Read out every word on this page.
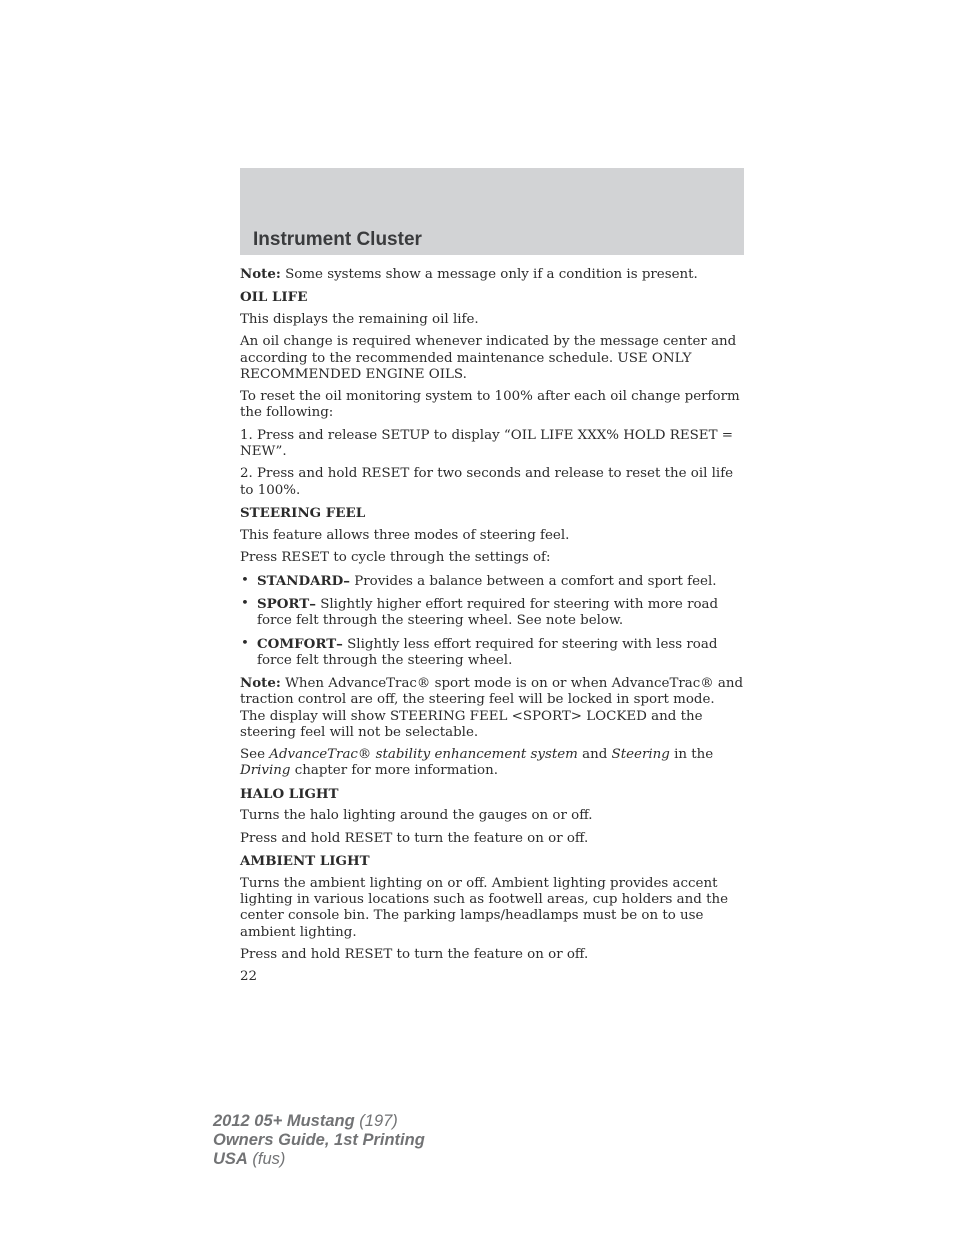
Instrument Cluster

Note: Some systems show a message only if a condition is present.

OIL LIFE

This displays the remaining oil life.

An oil change is required whenever indicated by the message center and according to the recommended maintenance schedule. USE ONLY RECOMMENDED ENGINE OILS.

To reset the oil monitoring system to 100% after each oil change perform the following:

1. Press and release SETUP to display “OIL LIFE XXX% HOLD RESET = NEW”.

2. Press and hold RESET for two seconds and release to reset the oil life to 100%.

STEERING FEEL

This feature allows three modes of steering feel.

Press RESET to cycle through the settings of:

• STANDARD– Provides a balance between a comfort and sport feel.
• SPORT– Slightly higher effort required for steering with more road force felt through the steering wheel. See note below.
• COMFORT– Slightly less effort required for steering with less road force felt through the steering wheel.

Note: When AdvanceTrac® sport mode is on or when AdvanceTrac® and traction control are off, the steering feel will be locked in sport mode. The display will show STEERING FEEL <SPORT> LOCKED and the steering feel will not be selectable.

See AdvanceTrac® stability enhancement system and Steering in the Driving chapter for more information.

HALO LIGHT

Turns the halo lighting around the gauges on or off.

Press and hold RESET to turn the feature on or off.

AMBIENT LIGHT

Turns the ambient lighting on or off. Ambient lighting provides accent lighting in various locations such as footwell areas, cup holders and the center console bin. The parking lamps/headlamps must be on to use ambient lighting.

Press and hold RESET to turn the feature on or off.

22

2012 05+ Mustang (197)
Owners Guide, 1st Printing
USA (fus)
